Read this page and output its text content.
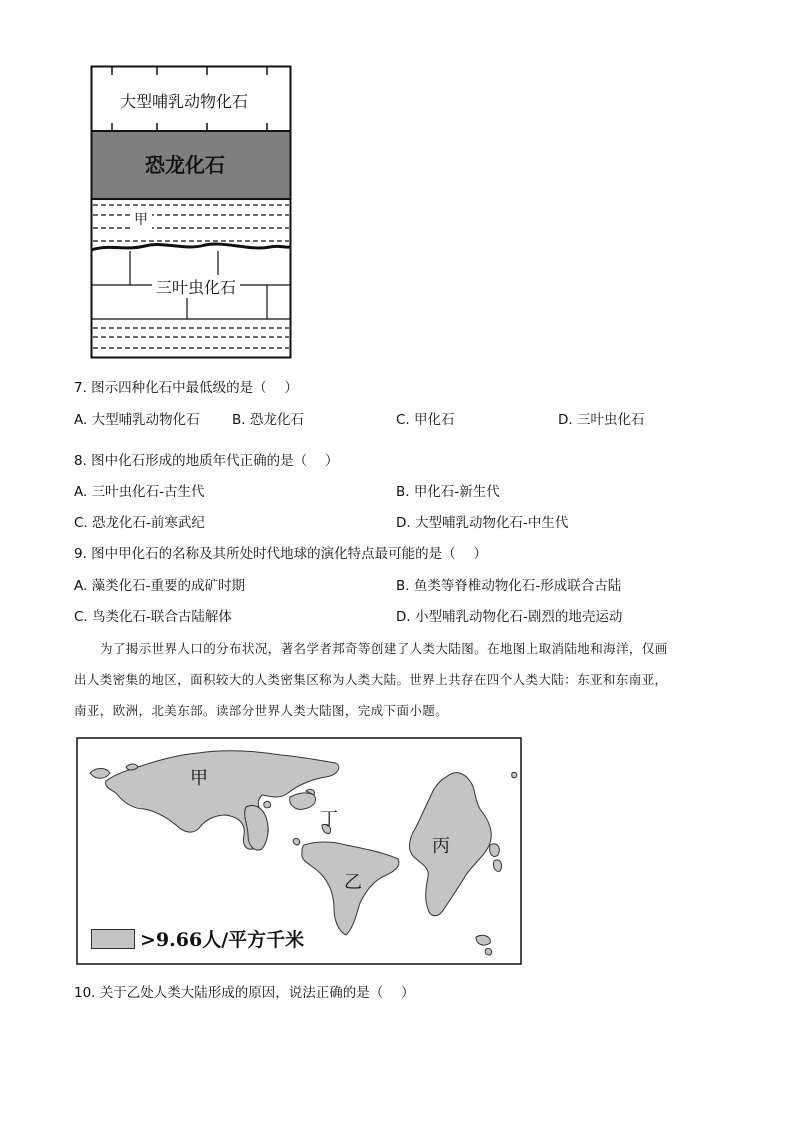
大型哺乳动物化石
恐龙化石
甲
三叶虫化石
7. 图示四种化石中最低级的是（　 ）
A. 大型哺乳动物化石 B. 恐龙化石	C. 甲化石	D. 三叶虫化石
8. 图中化石形成的地质年代正确的是（　 ）
A. 三叶虫化石-古生代	B. 甲化石-新生代
C. 恐龙化石-前寒武纪	D. 大型哺乳动物化石-中生代
9. 图中甲化石的名称及其所处时代地球的演化特点最可能的是（　 ）
A. 藻类化石-重要的成矿时期	B. 鱼类等脊椎动物化石-形成联合古陆
C. 鸟类化石-联合古陆解体	D. 小型哺乳动物化石-剧烈的地壳运动
为了揭示世界人口的分布状况，著名学者邦奇等创建了人类大陆图。在地图上取消陆地和海洋，仅画
出人类密集的地区，面积较大的人类密集区称为人类大陆。世界上共存在四个人类大陆：东亚和东南亚，
南亚，欧洲，北美东部。读部分世界人类大陆图，完成下面小题。
甲
丁
乙
丙
>9.66人/平方千米
10. 关于乙处人类大陆形成的原因，说法正确的是（　 ）
